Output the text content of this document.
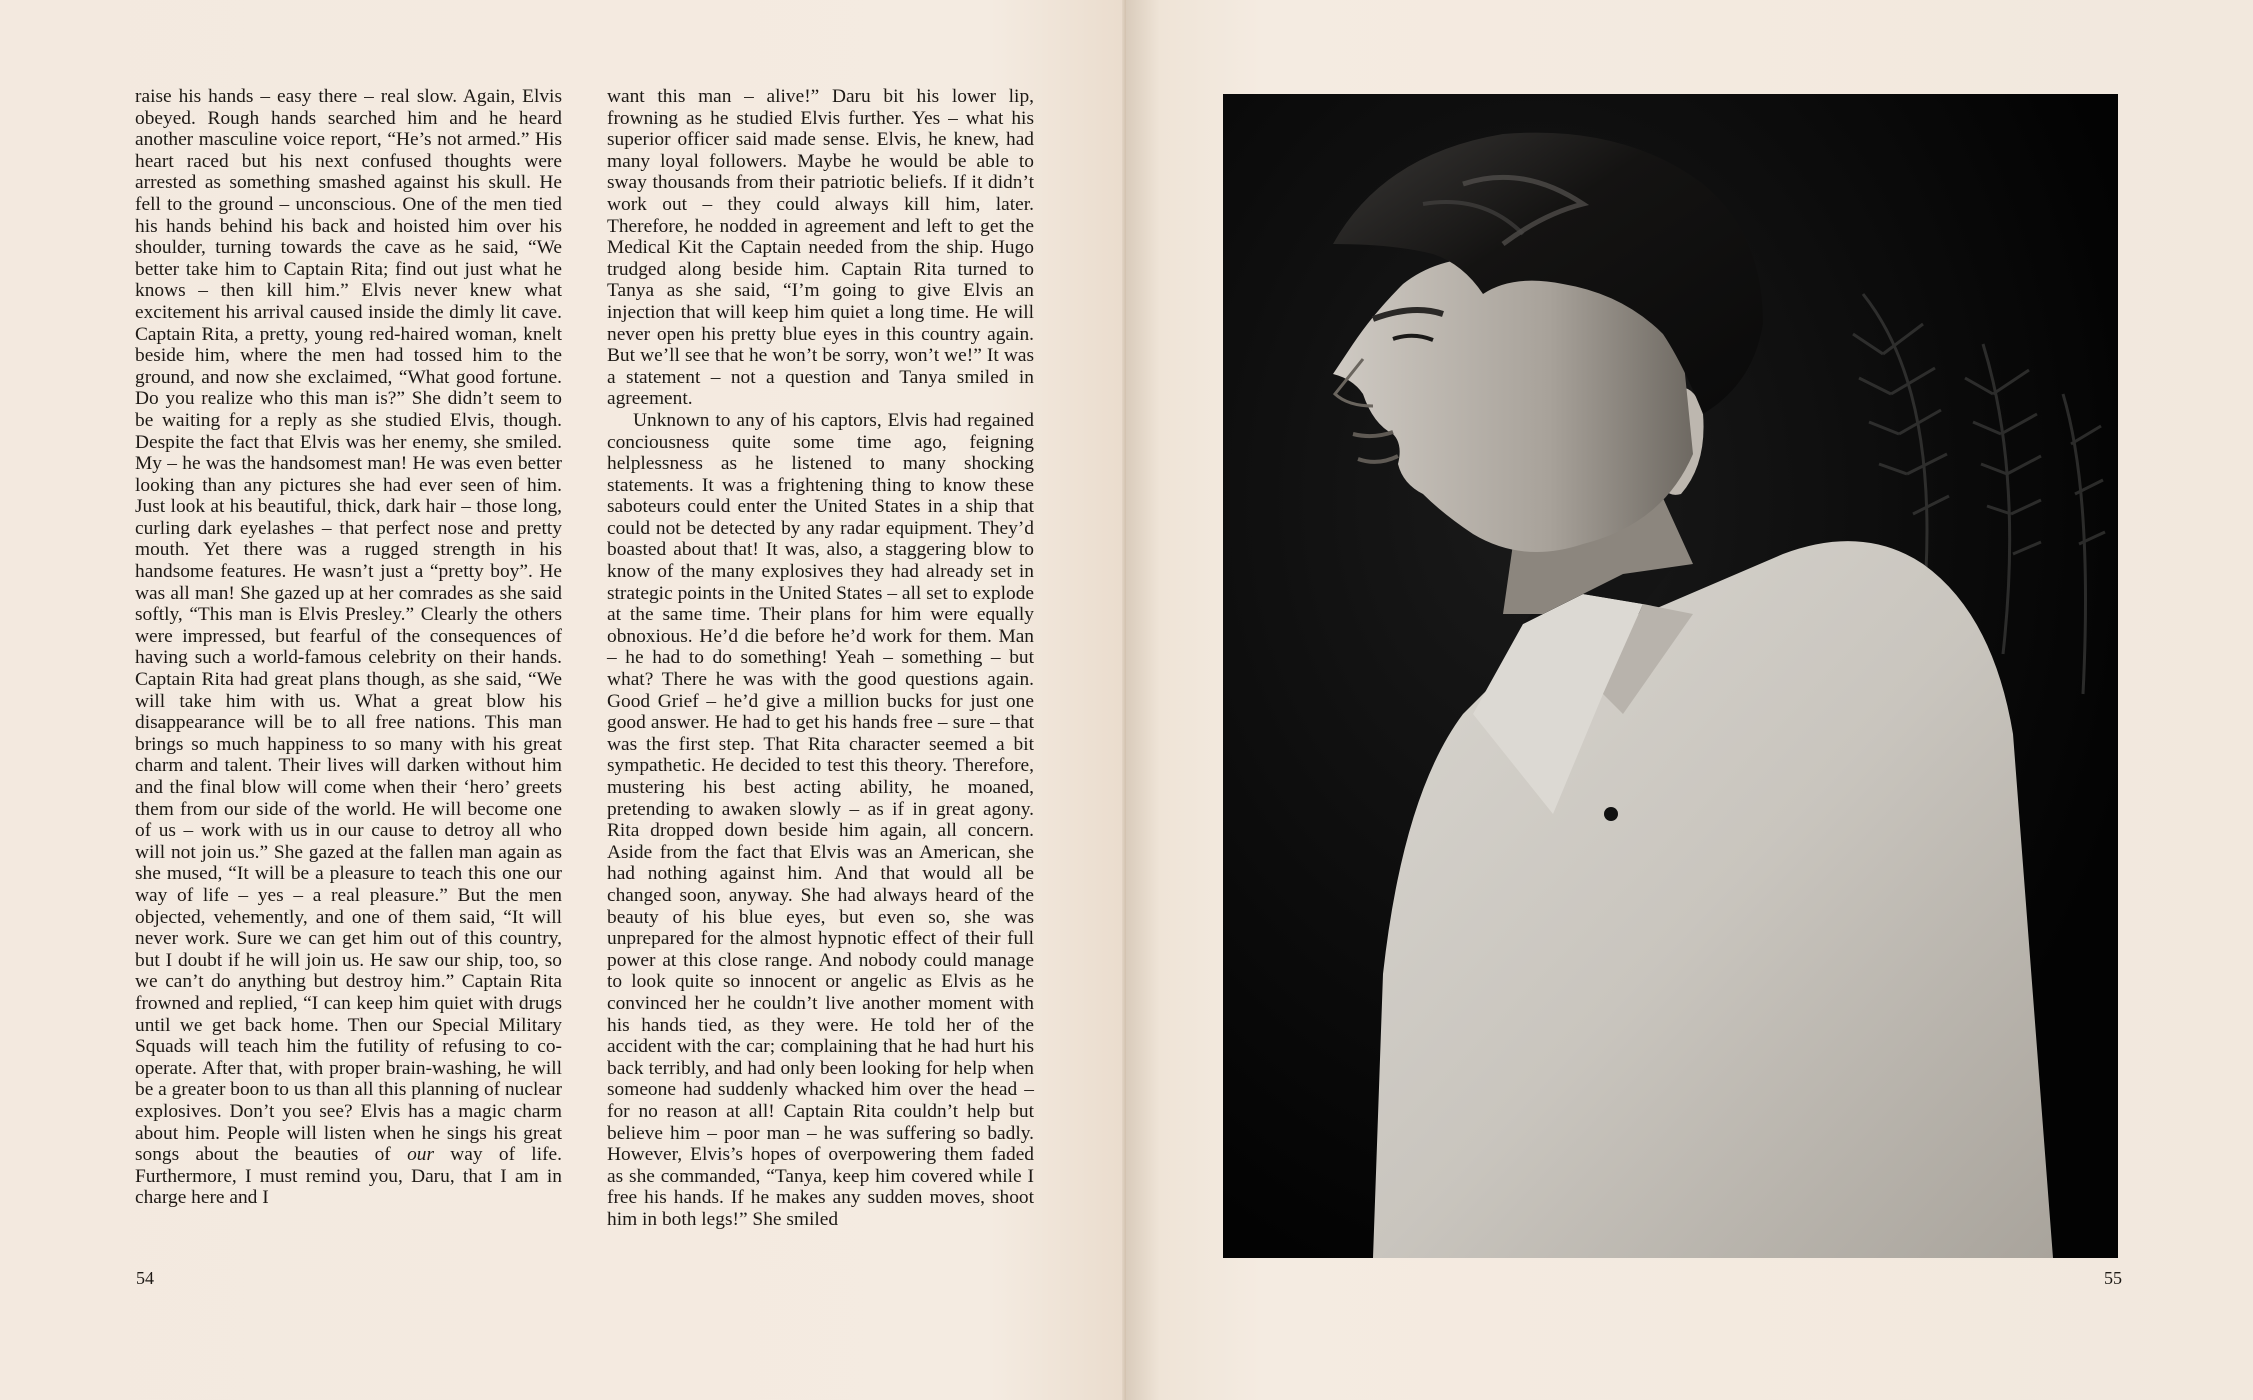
raise his hands – easy there – real slow. Again, Elvis obeyed. Rough hands searched him and he heard another masculine voice report, “He’s not armed.” His heart raced but his next confused thoughts were arrested as something smashed against his skull. He fell to the ground – unconscious. One of the men tied his hands behind his back and hoisted him over his shoulder, turning towards the cave as he said, “We better take him to Captain Rita; find out just what he knows – then kill him.” Elvis never knew what excitement his arrival caused inside the dimly lit cave. Captain Rita, a pretty, young red-haired woman, knelt beside him, where the men had tossed him to the ground, and now she exclaimed, “What good fortune. Do you realize who this man is?” She didn’t seem to be waiting for a reply as she studied Elvis, though. Despite the fact that Elvis was her enemy, she smiled. My – he was the handsomest man! He was even better looking than any pictures she had ever seen of him. Just look at his beautiful, thick, dark hair – those long, curling dark eyelashes – that perfect nose and pretty mouth. Yet there was a rugged strength in his handsome features. He wasn’t just a “pretty boy”. He was all man! She gazed up at her comrades as she said softly, “This man is Elvis Presley.” Clearly the others were impressed, but fearful of the consequences of having such a world-famous celebrity on their hands. Captain Rita had great plans though, as she said, “We will take him with us. What a great blow his disappearance will be to all free nations. This man brings so much happiness to so many with his great charm and talent. Their lives will darken without him and the final blow will come when their ‘hero’ greets them from our side of the world. He will become one of us – work with us in our cause to detroy all who will not join us.” She gazed at the fallen man again as she mused, “It will be a pleasure to teach this one our way of life – yes – a real pleasure.” But the men objected, vehemently, and one of them said, “It will never work. Sure we can get him out of this country, but I doubt if he will join us. He saw our ship, too, so we can’t do anything but destroy him.” Captain Rita frowned and replied, “I can keep him quiet with drugs until we get back home. Then our Special Military Squads will teach him the futility of refusing to co-operate. After that, with proper brain-washing, he will be a greater boon to us than all this planning of nuclear explosives. Don’t you see? Elvis has a magic charm about him. People will listen when he sings his great songs about the beauties of our way of life. Furthermore, I must remind you, Daru, that I am in charge here and I

want this man – alive!” Daru bit his lower lip, frowning as he studied Elvis further. Yes – what his superior officer said made sense. Elvis, he knew, had many loyal followers. Maybe he would be able to sway thousands from their patriotic beliefs. If it didn’t work out – they could always kill him, later. Therefore, he nodded in agreement and left to get the Medical Kit the Captain needed from the ship. Hugo trudged along beside him. Captain Rita turned to Tanya as she said, “I’m going to give Elvis an injection that will keep him quiet a long time. He will never open his pretty blue eyes in this country again. But we’ll see that he won’t be sorry, won’t we!” It was a statement – not a question and Tanya smiled in agreement.

Unknown to any of his captors, Elvis had regained conciousness quite some time ago, feigning helplessness as he listened to many shocking statements. It was a frightening thing to know these saboteurs could enter the United States in a ship that could not be detected by any radar equipment. They’d boasted about that! It was, also, a staggering blow to know of the many explosives they had already set in strategic points in the United States – all set to explode at the same time. Their plans for him were equally obnoxious. He’d die before he’d work for them. Man – he had to do something! Yeah – something – but what? There he was with the good questions again. Good Grief – he’d give a million bucks for just one good answer. He had to get his hands free – sure – that was the first step. That Rita character seemed a bit sympathetic. He decided to test this theory. Therefore, mustering his best acting ability, he moaned, pretending to awaken slowly – as if in great agony. Rita dropped down beside him again, all concern. Aside from the fact that Elvis was an American, she had nothing against him. And that would all be changed soon, anyway. She had always heard of the beauty of his blue eyes, but even so, she was unprepared for the almost hypnotic effect of their full power at this close range. And nobody could manage to look quite so innocent or angelic as Elvis as he convinced her he couldn’t live another moment with his hands tied, as they were. He told her of the accident with the car; complaining that he had hurt his back terribly, and had only been looking for help when someone had suddenly whacked him over the head – for no reason at all! Captain Rita couldn’t help but believe him – poor man – he was suffering so badly. However, Elvis’s hopes of overpowering them faded as she commanded, “Tanya, keep him covered while I free his hands. If he makes any sudden moves, shoot him in both legs!” She smiled

54	55
